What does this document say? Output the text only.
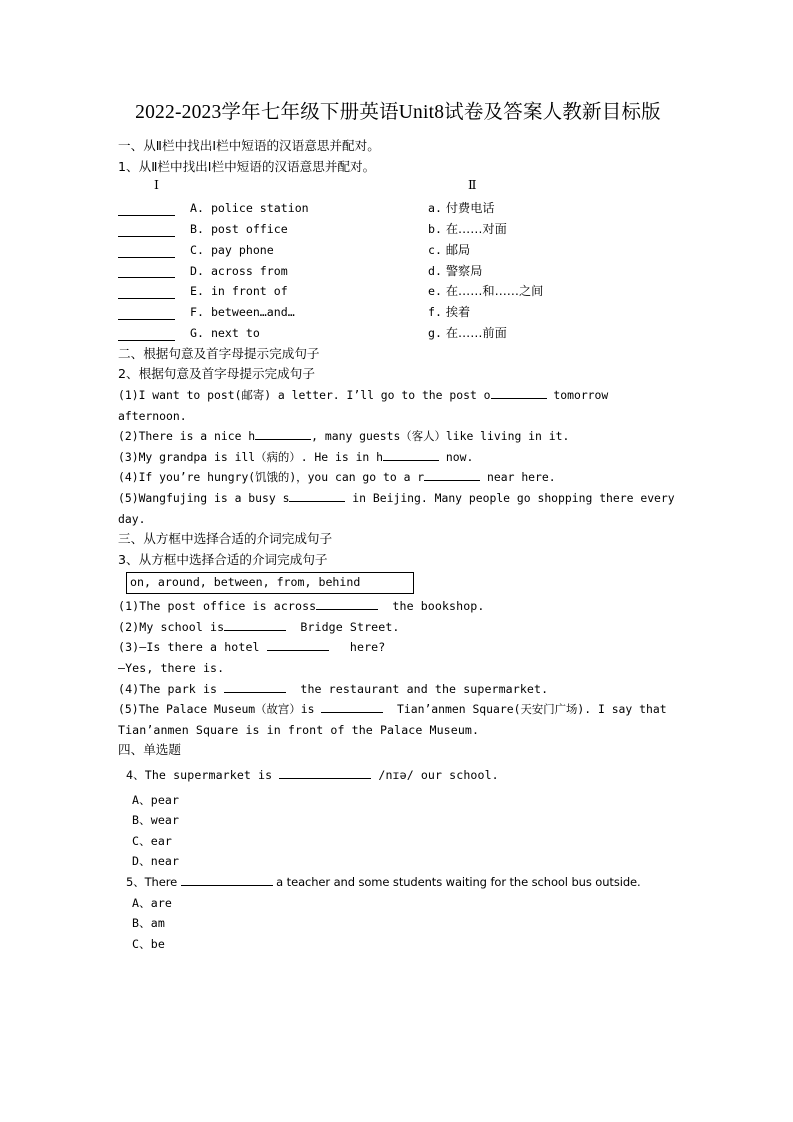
2022-2023学年七年级下册英语Unit8试卷及答案人教新目标版
一、从Ⅱ栏中找出Ⅰ栏中短语的汉语意思并配对。
1、从Ⅱ栏中找出Ⅰ栏中短语的汉语意思并配对。
Ⅰ	Ⅱ
A. police station	a. 付费电话
B. post office	b. 在……对面
C. pay phone	c. 邮局
D. across from	d. 警察局
E. in front of	e. 在……和……之间
F. between…and…	f. 挨着
G. next to	g. 在……前面
二、根据句意及首字母提示完成句子
2、根据句意及首字母提示完成句子
(1)I want to post(邮寄) a letter. I’ll go to the post o	tomorrow afternoon.
(2)There is a nice h	, many guests（客人）like living in it.
(3)My grandpa is ill（病的）. He is in h	now.
(4)If you’re hungry(饥饿的)，you can go to a r	near here.
(5)Wangfujing is a busy s	in Beijing. Many people go shopping there every
day.
三、从方框中选择合适的介词完成句子
3、从方框中选择合适的介词完成句子
on, around, between, from, behind
(1)The post office is across	the bookshop.
(2)My school is	Bridge Street.
(3)—Is there a hotel	here?
—Yes, there is.
(4)The park is	the restaurant and the supermarket.
(5)The Palace Museum（故宫）is	Tian’anmen Square(天安门广场). I say that
Tian’anmen Square is in front of the Palace Museum.
四、单选题
4、The supermarket is	/nɪə/ our school.
A、pear
B、wear
C、ear
D、near
5、There	a teacher and some students waiting for the school bus outside.
A、are
B、am
C、be
